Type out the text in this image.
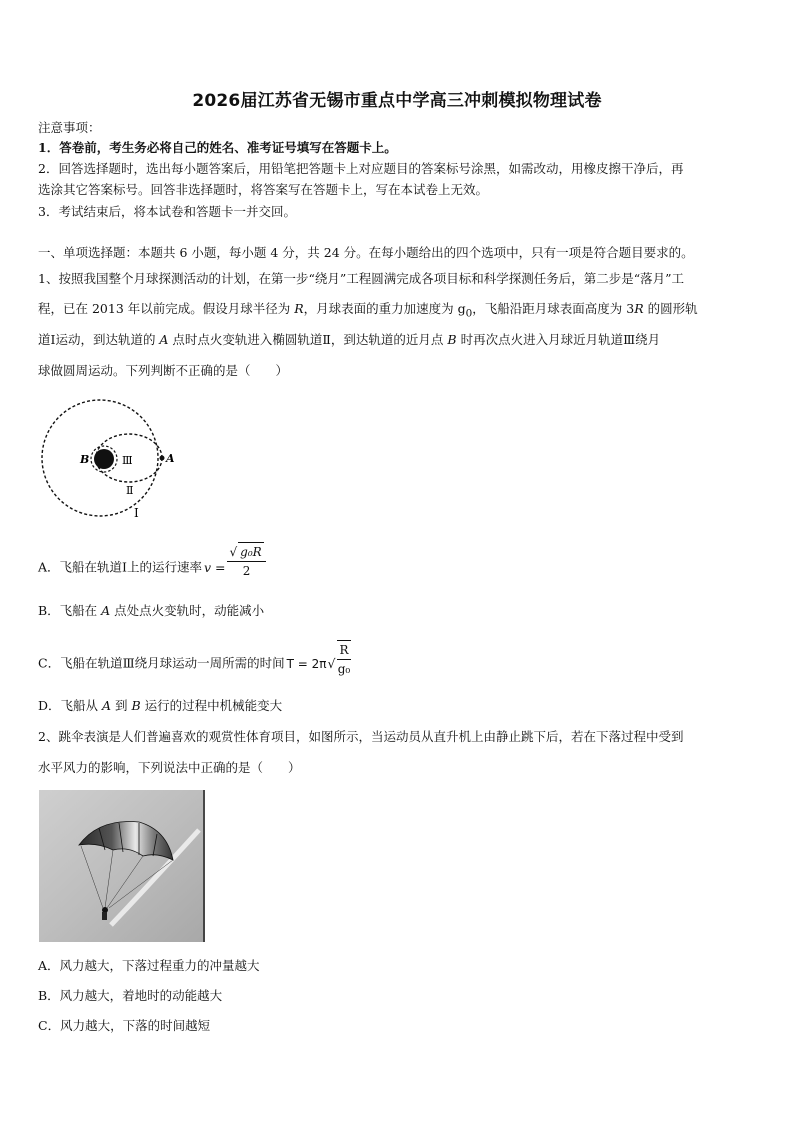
2026届江苏省无锡市重点中学高三冲刺模拟物理试卷
注意事项：
1．答卷前，考生务必将自己的姓名、准考证号填写在答题卡上。
2．回答选择题时，选出每小题答案后，用铅笔把答题卡上对应题目的答案标号涂黑，如需改动，用橡皮擦干净后，再
选涂其它答案标号。回答非选择题时，将答案写在答题卡上，写在本试卷上无效。
3．考试结束后，将本试卷和答题卡一并交回。
一、单项选择题：本题共 6 小题，每小题 4 分，共 24 分。在每小题给出的四个选项中，只有一项是符合题目要求的。
1、按照我国整个月球探测活动的计划，在第一步“绕月”工程圆满完成各项目标和科学探测任务后，第二步是“落月”工
程，已在 2013 年以前完成。假设月球半径为 R，月球表面的重力加速度为 $g_0$，飞船沿距月球表面高度为 3R 的圆形轨
道Ⅰ运动，到达轨道的 A 点时点火变轨进入椭圆轨道Ⅱ，到达轨道的近月点 B 时再次点火进入月球近月轨道Ⅲ绕月
球做圆周运动。下列判断不正确的是（　　）
B	A
Ⅲ
Ⅱ
Ⅰ
A．飞船在轨道Ⅰ上的运行速率 $v = \frac{\text{√ g₀R}}{2}$
B．飞船在 A 点处点火变轨时，动能减小
C．飞船在轨道Ⅲ绕月球运动一周所需的时间 $T = 2\pi√ \frac{R}{\text{g₀}}$
D．飞船从 A 到 B 运行的过程中机械能变大
2、跳伞表演是人们普遍喜欢的观赏性体育项目，如图所示，当运动员从直升机上由静止跳下后，若在下落过程中受到
水平风力的影响，下列说法中正确的是（　　）
A．风力越大，下落过程重力的冲量越大
B．风力越大，着地时的动能越大
C．风力越大，下落的时间越短
